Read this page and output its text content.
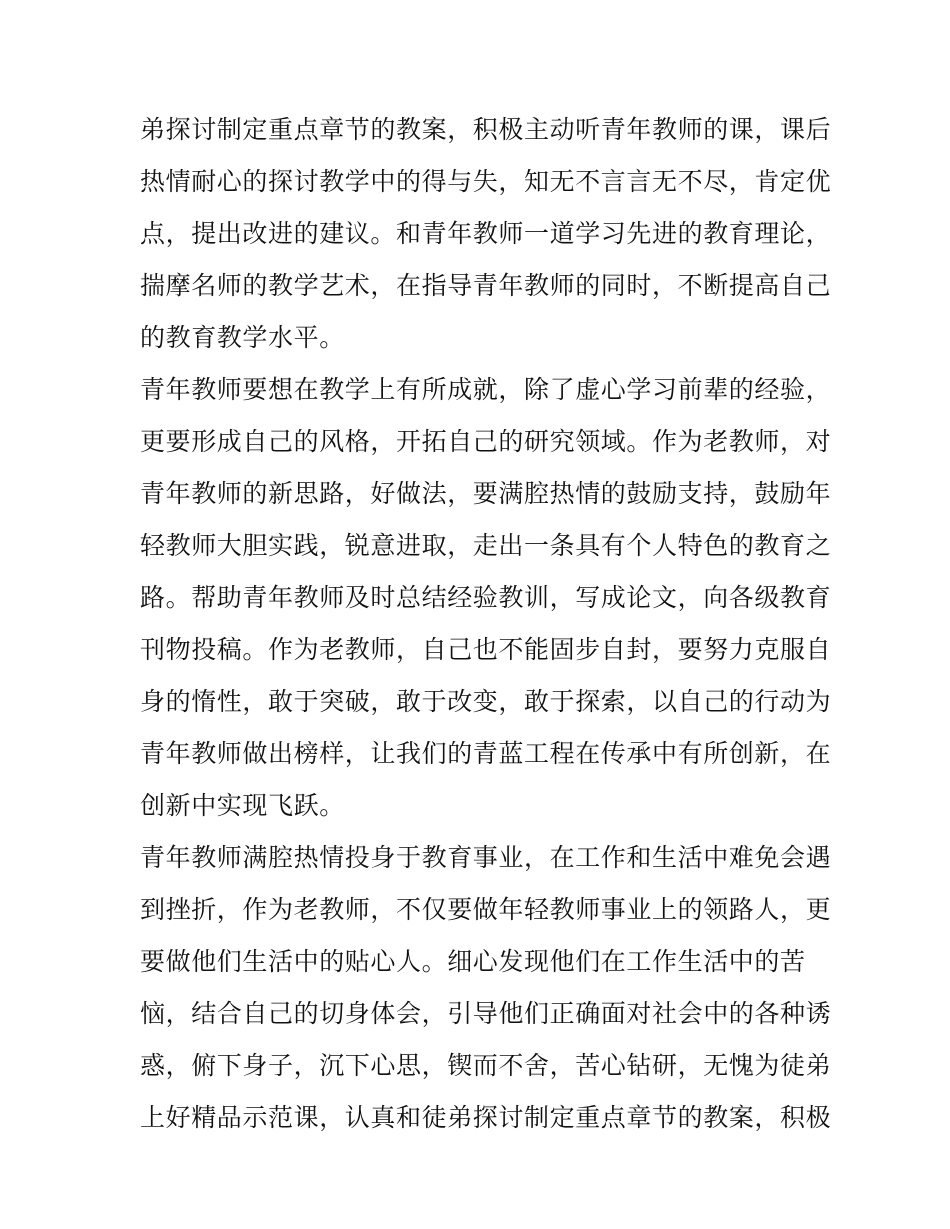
弟探讨制定重点章节的教案，积极主动听青年教师的课，课后
热情耐心的探讨教学中的得与失，知无不言言无不尽，肯定优
点，提出改进的建议。和青年教师一道学习先进的教育理论，
揣摩名师的教学艺术，在指导青年教师的同时，不断提高自己
的教育教学水平。
青年教师要想在教学上有所成就，除了虚心学习前辈的经验，
更要形成自己的风格，开拓自己的研究领域。作为老教师，对
青年教师的新思路，好做法，要满腔热情的鼓励支持，鼓励年
轻教师大胆实践，锐意进取，走出一条具有个人特色的教育之
路。帮助青年教师及时总结经验教训，写成论文，向各级教育
刊物投稿。作为老教师，自己也不能固步自封，要努力克服自
身的惰性，敢于突破，敢于改变，敢于探索，以自己的行动为
青年教师做出榜样，让我们的青蓝工程在传承中有所创新，在
创新中实现飞跃。
青年教师满腔热情投身于教育事业，在工作和生活中难免会遇
到挫折，作为老教师，不仅要做年轻教师事业上的领路人，更
要做他们生活中的贴心人。细心发现他们在工作生活中的苦
恼，结合自己的切身体会，引导他们正确面对社会中的各种诱
惑，俯下身子，沉下心思，锲而不舍，苦心钻研，无愧为徒弟
上好精品示范课，认真和徒弟探讨制定重点章节的教案，积极
